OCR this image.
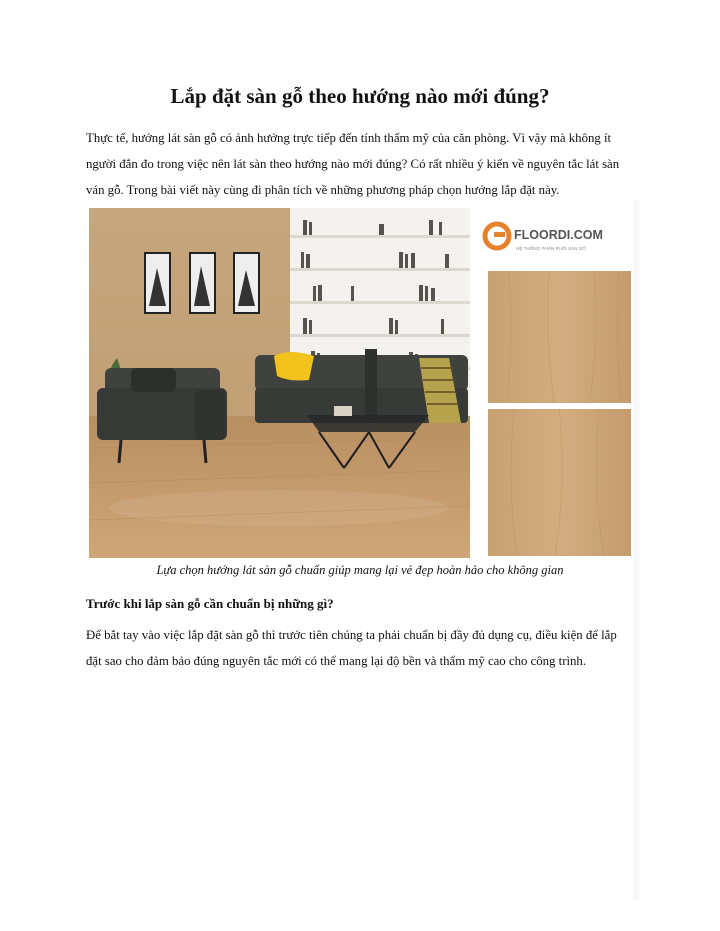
Lắp đặt sàn gỗ theo hướng nào mới đúng?

Thực tế, hướng lát sàn gỗ có ảnh hưởng trực tiếp đến tính thẩm mỹ của căn phòng. Vì vậy mà không ít
người đắn đo trong việc nên lát sàn theo hướng nào mới đúng? Có rất nhiều ý kiến về nguyên tắc lát sàn
ván gỗ. Trong bài viết này cùng đi phân tích về những phương pháp chọn hướng lắp đặt này.

FLOORDI.COM
HỆ THỐNG PHÂN PHỐI SÀN GỖ

Lựa chọn hướng lát sàn gỗ chuẩn giúp mang lại vẻ đẹp hoàn hảo cho không gian

Trước khi lắp sàn gỗ cần chuẩn bị những gì?

Để bắt tay vào việc lắp đặt sàn gỗ thì trước tiên chúng ta phải chuẩn bị đầy đủ dụng cụ, điều kiện để lắp
đặt sao cho đảm bảo đúng nguyên tắc mới có thể mang lại độ bền và thẩm mỹ cao cho công trình.
